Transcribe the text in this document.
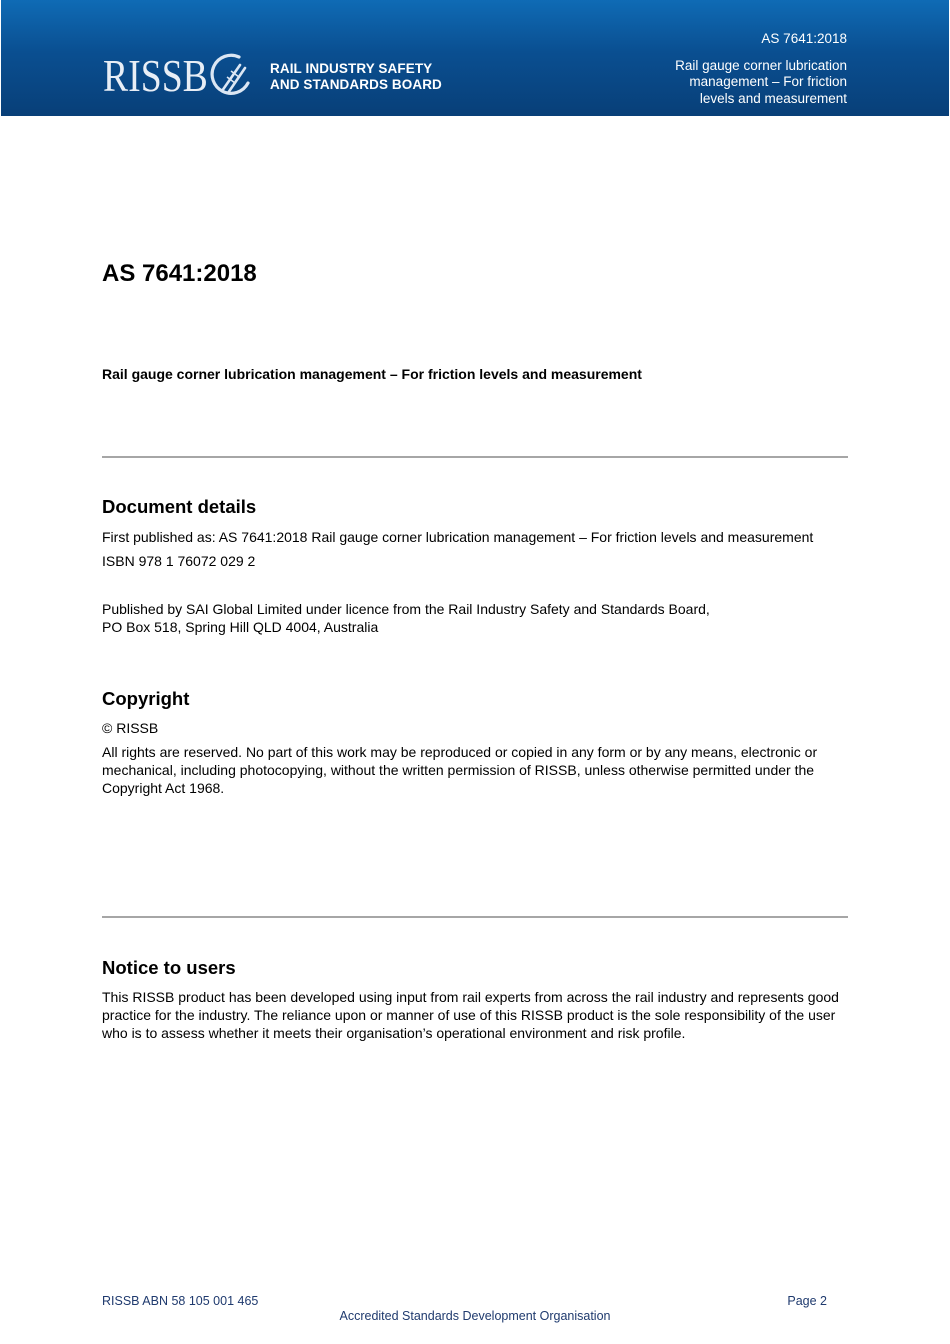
RISSB	RAIL INDUSTRY SAFETY
AND STANDARDS BOARD
AS 7641:2018
Rail gauge corner lubrication
management – For friction
levels and measurement
AS 7641:2018
Rail gauge corner lubrication management – For friction levels and measurement
Document details
First published as: AS 7641:2018 Rail gauge corner lubrication management – For friction levels and measurement
ISBN 978 1 76072 029 2
Published by SAI Global Limited under licence from the Rail Industry Safety and Standards Board,
PO Box 518, Spring Hill QLD 4004, Australia
Copyright
© RISSB
All rights are reserved. No part of this work may be reproduced or copied in any form or by any means, electronic or mechanical, including photocopying, without the written permission of RISSB, unless otherwise permitted under the Copyright Act 1968.
Notice to users
This RISSB product has been developed using input from rail experts from across the rail industry and represents good practice for the industry. The reliance upon or manner of use of this RISSB product is the sole responsibility of the user who is to assess whether it meets their organisation’s operational environment and risk profile.
RISSB ABN 58 105 001 465
Accredited Standards Development Organisation
Page 2
